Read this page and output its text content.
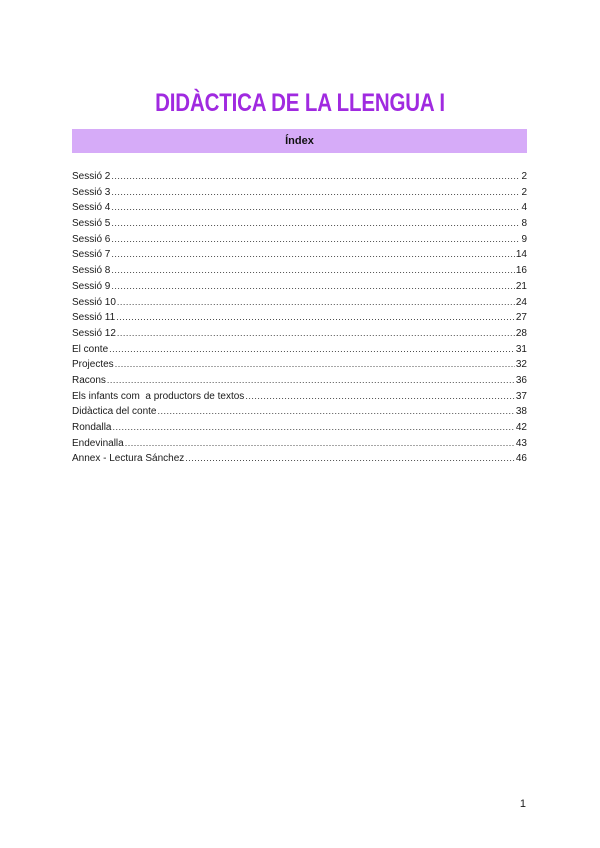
DIDÀCTICA DE LA LLENGUA I
Índex
Sessió 2 .....	2
Sessió 3 .....	2
Sessió 4 .....	4
Sessió 5 .....	8
Sessió 6 .....	9
Sessió 7 .....	14
Sessió 8 .....	16
Sessió 9 .....	21
Sessió 10 .....	24
Sessió 11 .....	27
Sessió 12 .....	28
El conte .....	31
Projectes .....	32
Racons .....	36
Els infants com  a productors de textos .....	37
Didàctica del conte .....	38
Rondalla .....	42
Endevinalla .....	43
Annex - Lectura Sánchez .....	46
1
